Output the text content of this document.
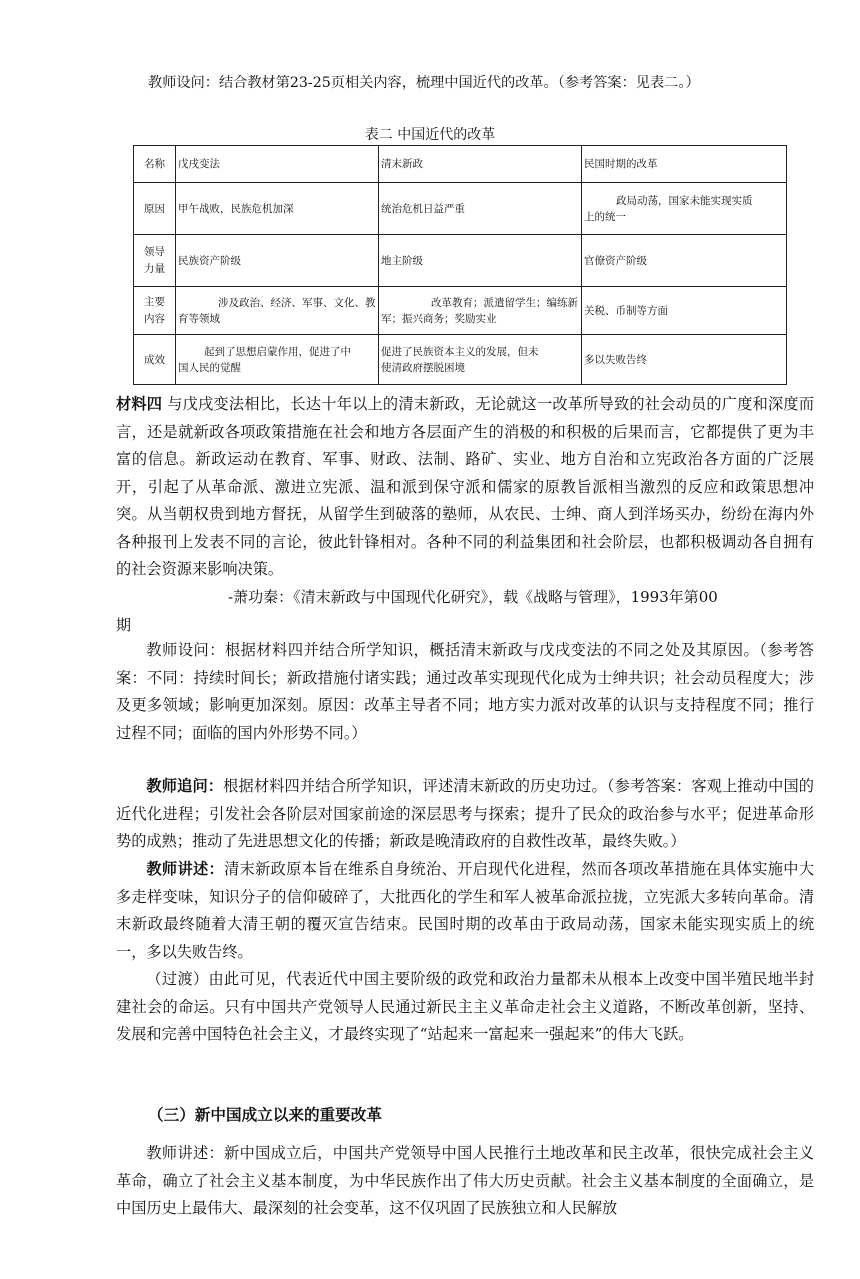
教师设问：结合教材第23-25页相关内容，梳理中国近代的改革。（参考答案：见表二。）
表二 中国近代的改革
名称	戊戌变法	清末新政	民国时期的改革
原因	甲午战败，民族危机加深	统治危机日益严重	政局动荡，国家未能实现实质上的统一

领导力量	民族资产阶级	地主阶级	官僚资产阶级

主要内容	涉及政治、经济、军事、文化、教育等领域	改革教育；派遣留学生；编练新军；振兴商务；奖励实业	关税、币制等方面
成效	起到了思想启蒙作用，促进了中国人民的觉醒	促进了民族资本主义的发展，但未使清政府摆脱困境	多以失败告终
材料四 与戊戌变法相比，长达十年以上的清末新政，无论就这一改革所导致的社会动员的广度和深度而言，还是就新政各项政策措施在社会和地方各层面产生的消极的和积极的后果而言，它都提供了更为丰富的信息。新政运动在教育、军事、财政、法制、路矿、实业、地方自治和立宪政治各方面的广泛展开，引起了从革命派、激进立宪派、温和派到保守派和儒家的原教旨派相当激烈的反应和政策思想冲突。从当朝权贵到地方督抚，从留学生到破落的塾师，从农民、士绅、商人到洋场买办，纷纷在海内外各种报刊上发表不同的言论，彼此针锋相对。各种不同的利益集团和社会阶层，也都积极调动各自拥有的社会资源来影响决策。
-萧功秦：《清末新政与中国现代化研究》，载《战略与管理》，1993年第00
期
教师设问：根据材料四并结合所学知识，概括清末新政与戊戌变法的不同之处及其原因。（参考答案：不同：持续时间长；新政措施付诸实践；通过改革实现现代化成为士绅共识；社会动员程度大；涉及更多领域；影响更加深刻。原因：改革主导者不同；地方实力派对改革的认识与支持程度不同；推行过程不同；面临的国内外形势不同。）
教师追问：根据材料四并结合所学知识，评述清末新政的历史功过。（参考答案：客观上推动中国的近代化进程；引发社会各阶层对国家前途的深层思考与探索；提升了民众的政治参与水平；促进革命形势的成熟；推动了先进思想文化的传播；新政是晚清政府的自救性改革，最终失败。）
教师讲述：清末新政原本旨在维系自身统治、开启现代化进程，然而各项改革措施在具体实施中大多走样变味，知识分子的信仰破碎了，大批西化的学生和军人被革命派拉拢，立宪派大多转向革命。清末新政最终随着大清王朝的覆灭宣告结束。民国时期的改革由于政局动荡，国家未能实现实质上的统一，多以失败告终。
（过渡）由此可见，代表近代中国主要阶级的政党和政治力量都未从根本上改变中国半殖民地半封建社会的命运。只有中国共产党领导人民通过新民主主义革命走社会主义道路，不断改革创新，坚持、发展和完善中国特色社会主义，才最终实现了“站起来一富起来一强起来”的伟大飞跃。
（三）新中国成立以来的重要改革
教师讲述：新中国成立后，中国共产党领导中国人民推行土地改革和民主改革，很快完成社会主义革命，确立了社会主义基本制度，为中华民族作出了伟大历史贡献。社会主义基本制度的全面确立，是中国历史上最伟大、最深刻的社会变革，这不仅巩固了民族独立和人民解放
